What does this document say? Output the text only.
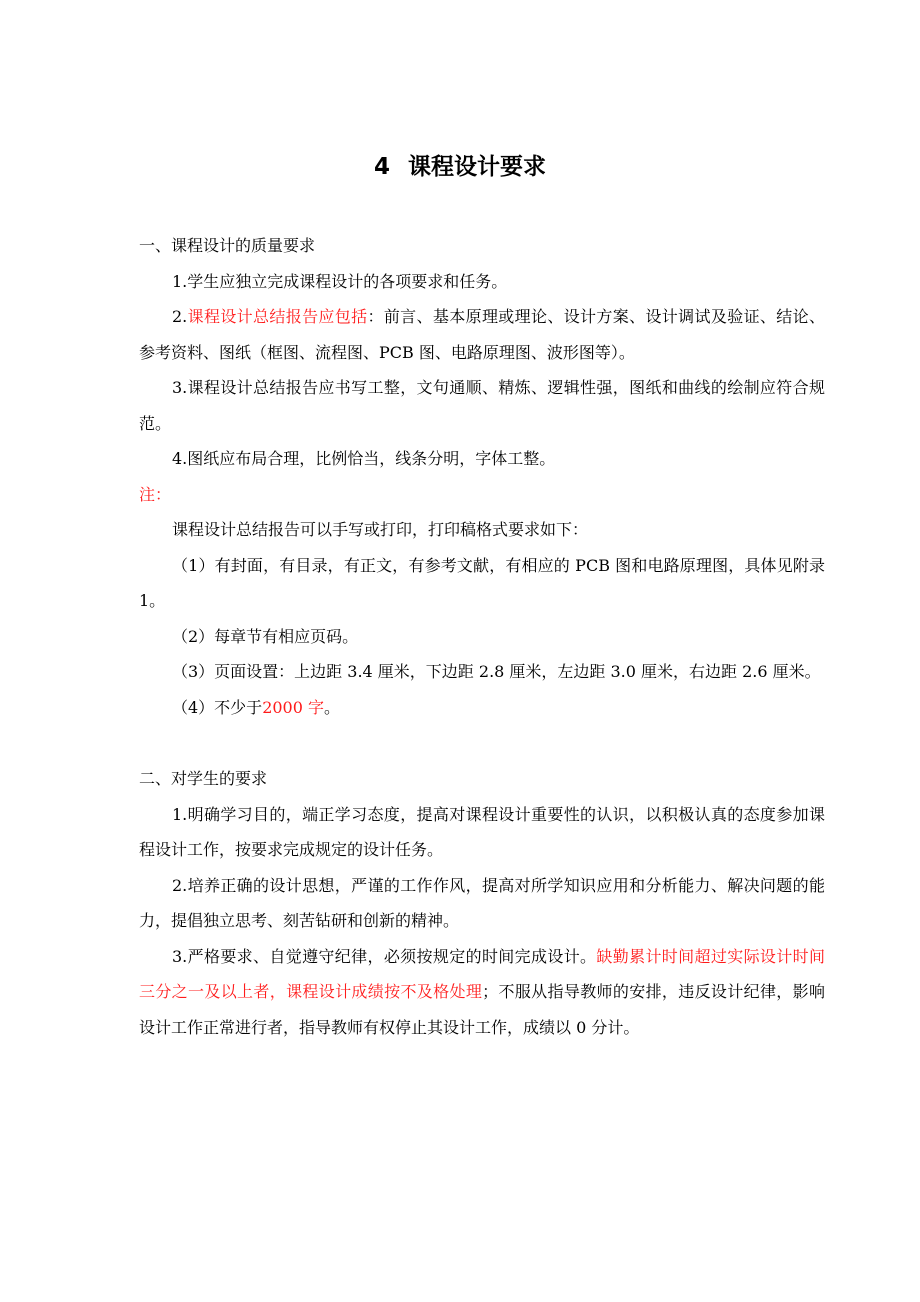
4 课程设计要求

一、课程设计的质量要求

1.学生应独立完成课程设计的各项要求和任务。

2.课程设计总结报告应包括：前言、基本原理或理论、设计方案、设计调试及验证、结论、参考资料、图纸（框图、流程图、PCB 图、电路原理图、波形图等）。

3.课程设计总结报告应书写工整，文句通顺、精炼、逻辑性强，图纸和曲线的绘制应符合规范。

4.图纸应布局合理，比例恰当，线条分明，字体工整。

注：

课程设计总结报告可以手写或打印，打印稿格式要求如下：

（1）有封面，有目录，有正文，有参考文献，有相应的 PCB 图和电路原理图，具体见附录 1。

（2）每章节有相应页码。

（3）页面设置：上边距 3.4 厘米，下边距 2.8 厘米，左边距 3.0 厘米，右边距 2.6 厘米。

（4）不少于2000 字。

二、对学生的要求

1.明确学习目的，端正学习态度，提高对课程设计重要性的认识，以积极认真的态度参加课程设计工作，按要求完成规定的设计任务。

2.培养正确的设计思想，严谨的工作作风，提高对所学知识应用和分析能力、解决问题的能力，提倡独立思考、刻苦钻研和创新的精神。

3.严格要求、自觉遵守纪律，必须按规定的时间完成设计。缺勤累计时间超过实际设计时间三分之一及以上者，课程设计成绩按不及格处理；不服从指导教师的安排，违反设计纪律，影响设计工作正常进行者，指导教师有权停止其设计工作，成绩以 0 分计。
